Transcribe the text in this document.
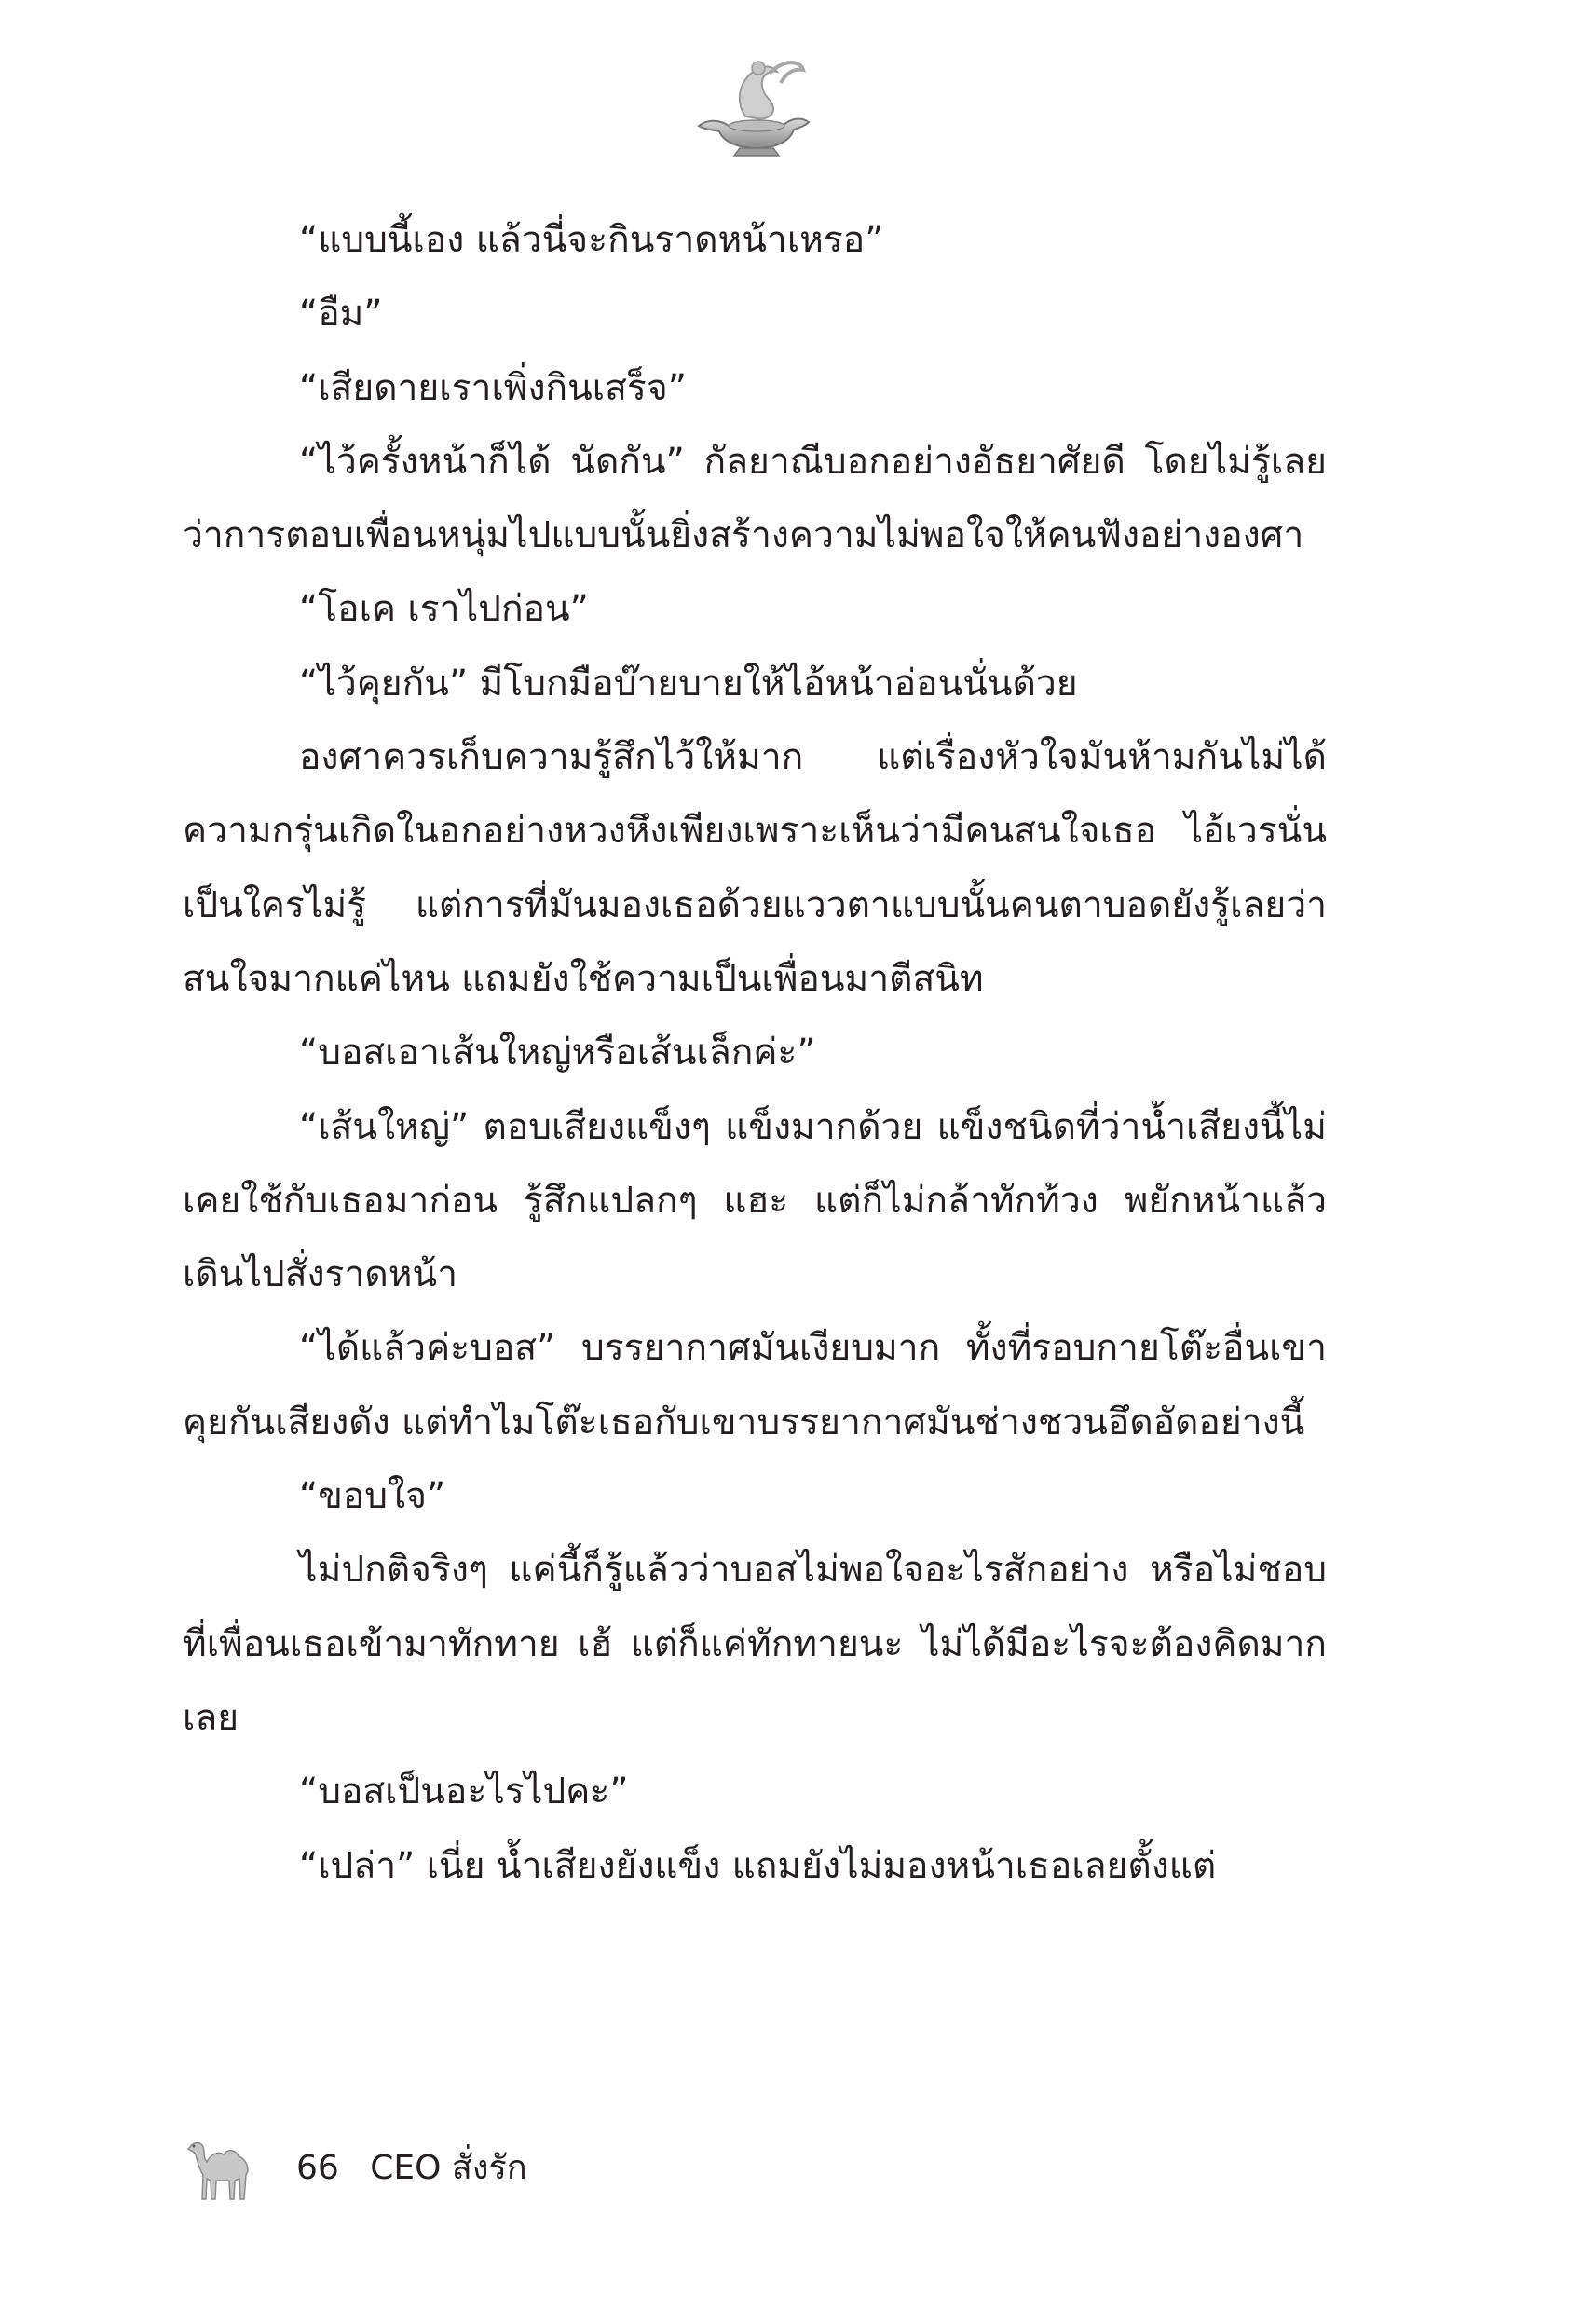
“แบบนี้เอง แล้วนี่จะกินราดหน้าเหรอ”

“อืม”

“เสียดายเราเพิ่งกินเสร็จ”

“ไว้ครั้งหน้าก็ได้ นัดกัน” กัลยาณีบอกอย่างอัธยาศัยดี โดยไม่รู้เลยว่าการตอบเพื่อนหนุ่มไปแบบนั้นยิ่งสร้างความไม่พอใจให้คนฟังอย่างองศา

“โอเค เราไปก่อน”

“ไว้คุยกัน” มีโบกมือบ๊ายบายให้ไอ้หน้าอ่อนนั่นด้วย

องศาควรเก็บความรู้สึกไว้ให้มาก แต่เรื่องหัวใจมันห้ามกันไม่ได้ ความกรุ่นเกิดในอกอย่างหวงหึงเพียงเพราะเห็นว่ามีคนสนใจเธอ ไอ้เวรนั่นเป็นใครไม่รู้ แต่การที่มันมองเธอด้วยแววตาแบบนั้นคนตาบอดยังรู้เลยว่าสนใจมากแค่ไหน แถมยังใช้ความเป็นเพื่อนมาตีสนิท

“บอสเอาเส้นใหญ่หรือเส้นเล็กค่ะ”

“เส้นใหญ่” ตอบเสียงแข็งๆ แข็งมากด้วย แข็งชนิดที่ว่าน้ำเสียงนี้ไม่เคยใช้กับเธอมาก่อน รู้สึกแปลกๆ แฮะ แต่ก็ไม่กล้าทักท้วง พยักหน้าแล้วเดินไปสั่งราดหน้า

“ได้แล้วค่ะบอส” บรรยากาศมันเงียบมาก ทั้งที่รอบกายโต๊ะอื่นเขาคุยกันเสียงดัง แต่ทำไมโต๊ะเธอกับเขาบรรยากาศมันช่างชวนอึดอัดอย่างนี้

“ขอบใจ”

ไม่ปกติจริงๆ แค่นี้ก็รู้แล้วว่าบอสไม่พอใจอะไรสักอย่าง หรือไม่ชอบที่เพื่อนเธอเข้ามาทักทาย เฮ้ แต่ก็แค่ทักทายนะ ไม่ได้มีอะไรจะต้องคิดมากเลย

“บอสเป็นอะไรไปคะ”

“เปล่า” เนี่ย น้ำเสียงยังแข็ง แถมยังไม่มองหน้าเธอเลยตั้งแต่

66 CEO สั่งรัก
